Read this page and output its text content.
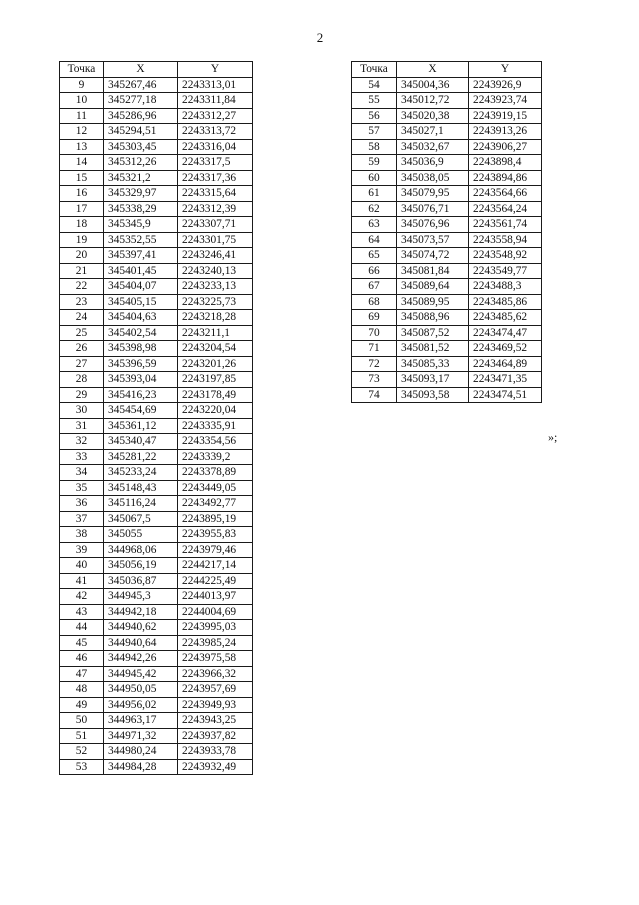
2
Точка	X	Y
9	345267,46	2243313,01
10	345277,18	2243311,84
11	345286,96	2243312,27
12	345294,51	2243313,72
13	345303,45	2243316,04
14	345312,26	2243317,5
15	345321,2	2243317,36
16	345329,97	2243315,64
17	345338,29	2243312,39
18	345345,9	2243307,71
19	345352,55	2243301,75
20	345397,41	2243246,41
21	345401,45	2243240,13
22	345404,07	2243233,13
23	345405,15	2243225,73
24	345404,63	2243218,28
25	345402,54	2243211,1
26	345398,98	2243204,54
27	345396,59	2243201,26
28	345393,04	2243197,85
29	345416,23	2243178,49
30	345454,69	2243220,04
31	345361,12	2243335,91
32	345340,47	2243354,56
33	345281,22	2243339,2
34	345233,24	2243378,89
35	345148,43	2243449,05
36	345116,24	2243492,77
37	345067,5	2243895,19
38	345055	2243955,83
39	344968,06	2243979,46
40	345056,19	2244217,14
41	345036,87	2244225,49
42	344945,3	2244013,97
43	344942,18	2244004,69
44	344940,62	2243995,03
45	344940,64	2243985,24
46	344942,26	2243975,58
47	344945,42	2243966,32
48	344950,05	2243957,69
49	344956,02	2243949,93
50	344963,17	2243943,25
51	344971,32	2243937,82
52	344980,24	2243933,78
53	344984,28	2243932,49
Точка	X	Y
54	345004,36	2243926,9
55	345012,72	2243923,74
56	345020,38	2243919,15
57	345027,1	2243913,26
58	345032,67	2243906,27
59	345036,9	2243898,4
60	345038,05	2243894,86
61	345079,95	2243564,66
62	345076,71	2243564,24
63	345076,96	2243561,74
64	345073,57	2243558,94
65	345074,72	2243548,92
66	345081,84	2243549,77
67	345089,64	2243488,3
68	345089,95	2243485,86
69	345088,96	2243485,62
70	345087,52	2243474,47
71	345081,52	2243469,52
72	345085,33	2243464,89
73	345093,17	2243471,35
74	345093,58	2243474,51
»;
